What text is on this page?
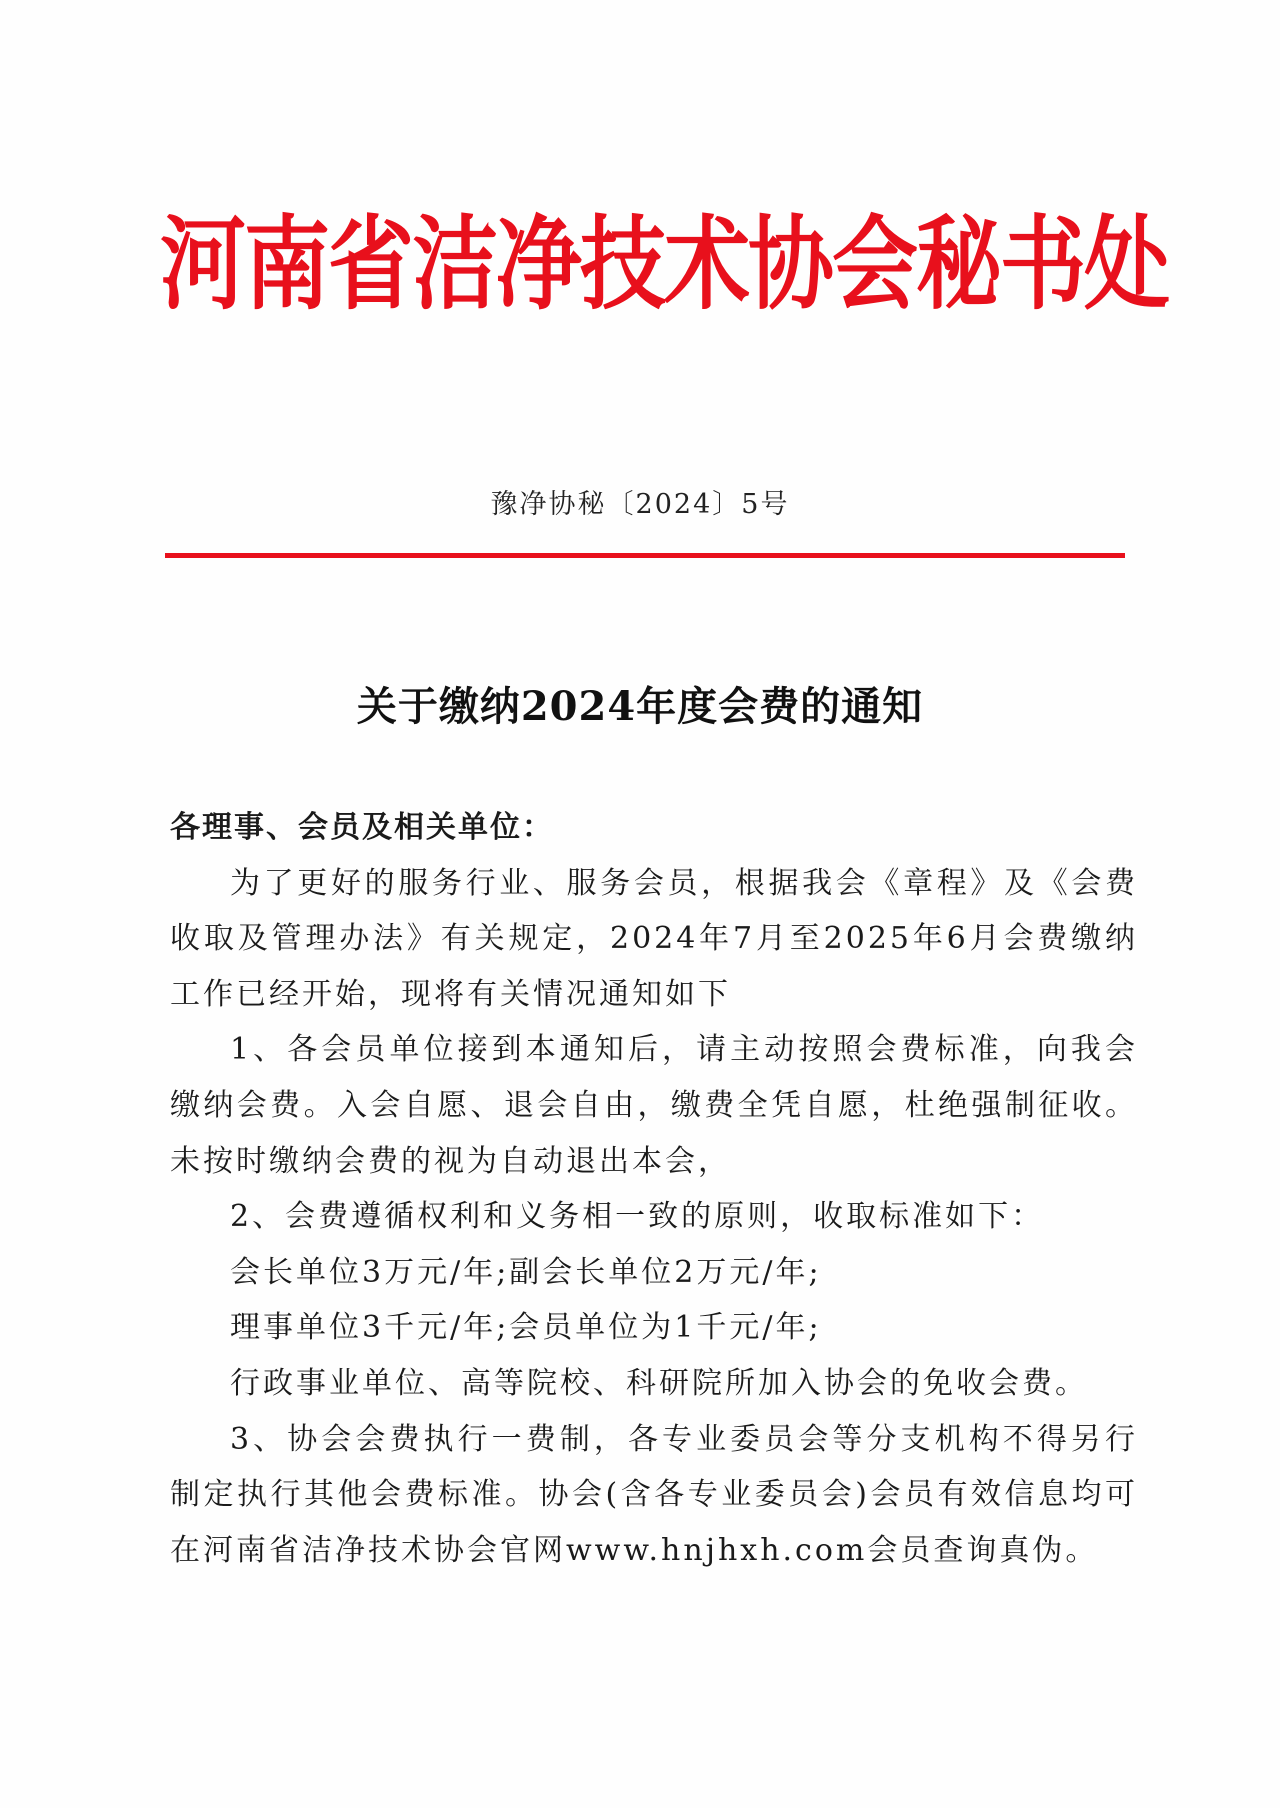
河南省洁净技术协会秘书处
豫净协秘〔2024〕5号
关于缴纳2024年度会费的通知
各理事、会员及相关单位：
为了更好的服务行业、服务会员，根据我会《章程》及《会费收取及管理办法》有关规定，2024年7月至2025年6月会费缴纳工作已经开始，现将有关情况通知如下
1、各会员单位接到本通知后，请主动按照会费标准，向我会缴纳会费。入会自愿、退会自由，缴费全凭自愿，杜绝强制征收。未按时缴纳会费的视为自动退出本会，
2、会费遵循权利和义务相一致的原则，收取标准如下：
会长单位3万元/年;副会长单位2万元/年;
理事单位3千元/年;会员单位为1千元/年;
行政事业单位、高等院校、科研院所加入协会的免收会费。
3、协会会费执行一费制，各专业委员会等分支机构不得另行制定执行其他会费标准。协会(含各专业委员会)会员有效信息均可在河南省洁净技术协会官网www.hnjhxh.com会员查询真伪。
